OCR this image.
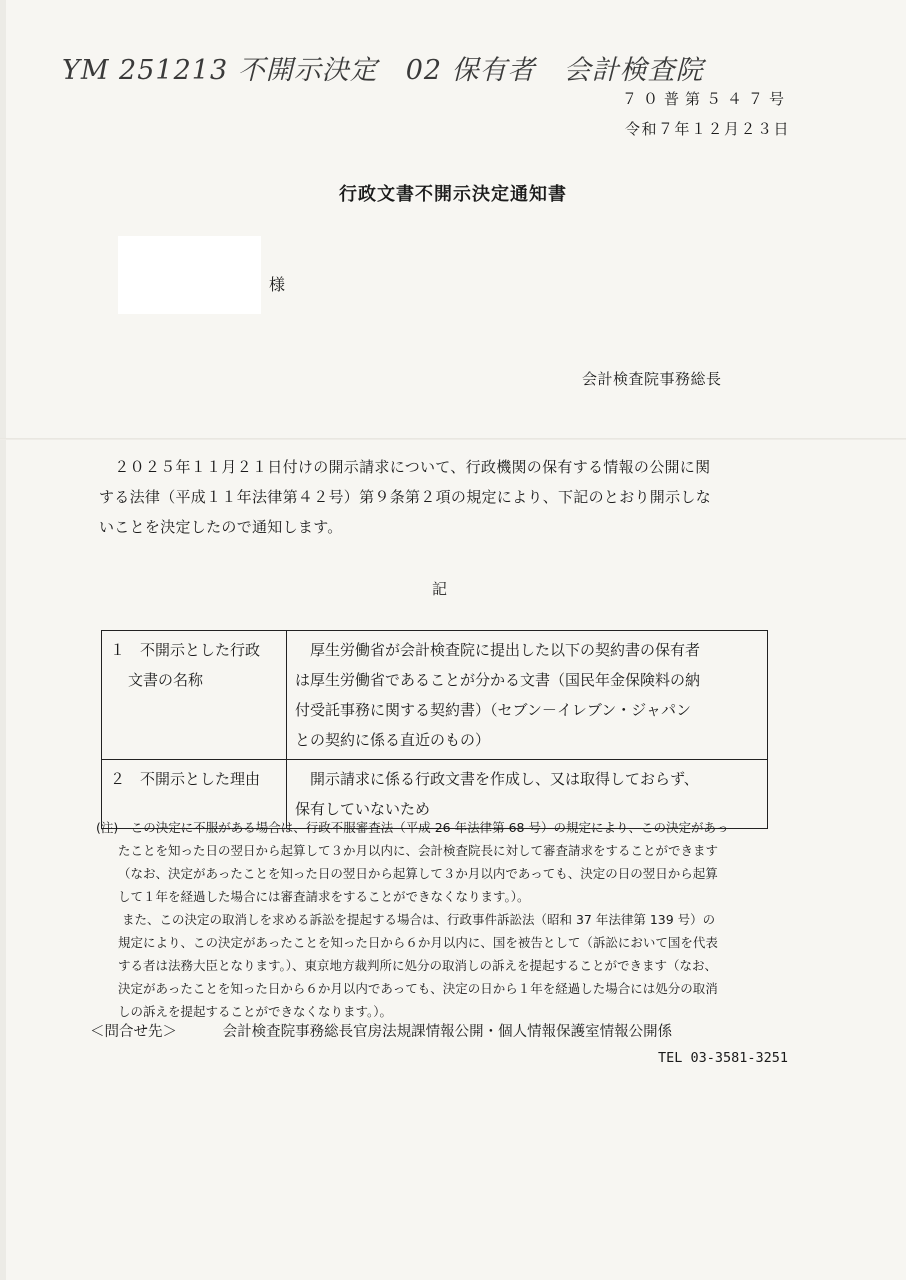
YM 251213 不開示決定　02 保有者　会計検査院
７０普第５４７号
令和７年１２月２３日
行政文書不開示決定通知書
様
会計検査院事務総長

　２０２５年１１月２１日付けの開示請求について、行政機関の保有する情報の公開に関

する法律（平成１１年法律第４２号）第９条第２項の規定により、下記のとおり開示しな

いことを決定したので通知します。

記
１　不開示とした行政
文書の名称	厚生労働省が会計検査院に提出した以下の契約書の保有者
は厚生労働省であることが分かる文書（国民年金保険料の納
付受託事務に関する契約書）（セブン－イレブン・ジャパン
との契約に係る直近のもの）

２　不開示とした理由	開示請求に係る行政文書を作成し、又は取得しておらず、
保有していないため

(注)　この決定に不服がある場合は、行政不服審査法（平成 26 年法律第 68 号）の規定により、この決定があっ

たことを知った日の翌日から起算して３か月以内に、会計検査院長に対して審査請求をすることができます

（なお、決定があったことを知った日の翌日から起算して３か月以内であっても、決定の日の翌日から起算

して１年を経過した場合には審査請求をすることができなくなります。）。

また、この決定の取消しを求める訴訟を提起する場合は、行政事件訴訟法（昭和 37 年法律第 139 号）の

規定により、この決定があったことを知った日から６か月以内に、国を被告として（訴訟において国を代表

する者は法務大臣となります。）、東京地方裁判所に処分の取消しの訴えを提起することができます（なお、

決定があったことを知った日から６か月以内であっても、決定の日から１年を経過した場合には処分の取消

しの訴えを提起することができなくなります。）。

＜問合せ先＞	会計検査院事務総長官房法規課情報公開・個人情報保護室情報公開係
TEL 03-3581-3251
